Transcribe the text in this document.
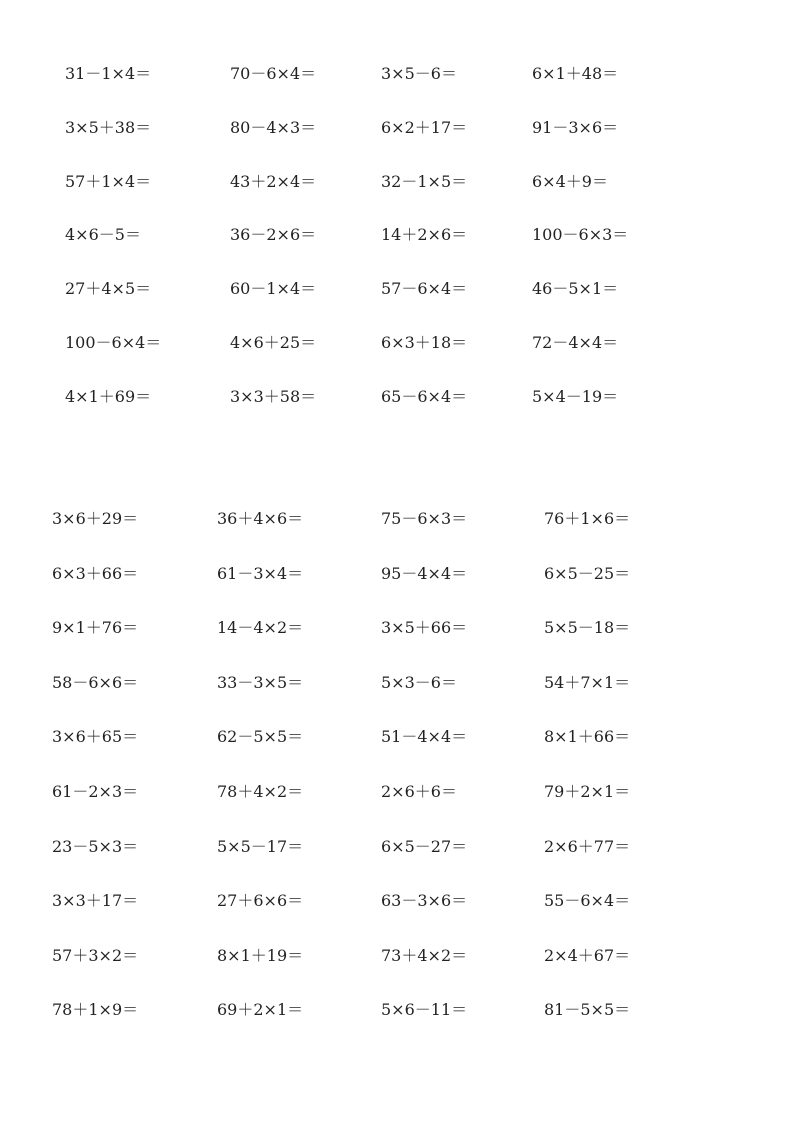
31－1×4＝	70－6×4＝	3×5－6＝	6×1＋48＝
3×5＋38＝	80－4×3＝	6×2＋17＝	91－3×6＝
57＋1×4＝	43＋2×4＝	32－1×5＝	6×4＋9＝
4×6－5＝	36－2×6＝	14＋2×6＝	100－6×3＝
27＋4×5＝	60－1×4＝	57－6×4＝	46－5×1＝
100－6×4＝	4×6＋25＝	6×3＋18＝	72－4×4＝
4×1＋69＝	3×3＋58＝	65－6×4＝	5×4－19＝
3×6＋29＝	36＋4×6＝	75－6×3＝	76＋1×6＝
6×3＋66＝	61－3×4＝	95－4×4＝	6×5－25＝
9×1＋76＝	14－4×2＝	3×5＋66＝	5×5－18＝
58－6×6＝	33－3×5＝	5×3－6＝	54＋7×1＝
3×6＋65＝	62－5×5＝	51－4×4＝	8×1＋66＝
61－2×3＝	78＋4×2＝	2×6＋6＝	79＋2×1＝
23－5×3＝	5×5－17＝	6×5－27＝	2×6＋77＝
3×3＋17＝	27＋6×6＝	63－3×6＝	55－6×4＝
57＋3×2＝	8×1＋19＝	73＋4×2＝	2×4＋67＝
78＋1×9＝	69＋2×1＝	5×6－11＝	81－5×5＝
